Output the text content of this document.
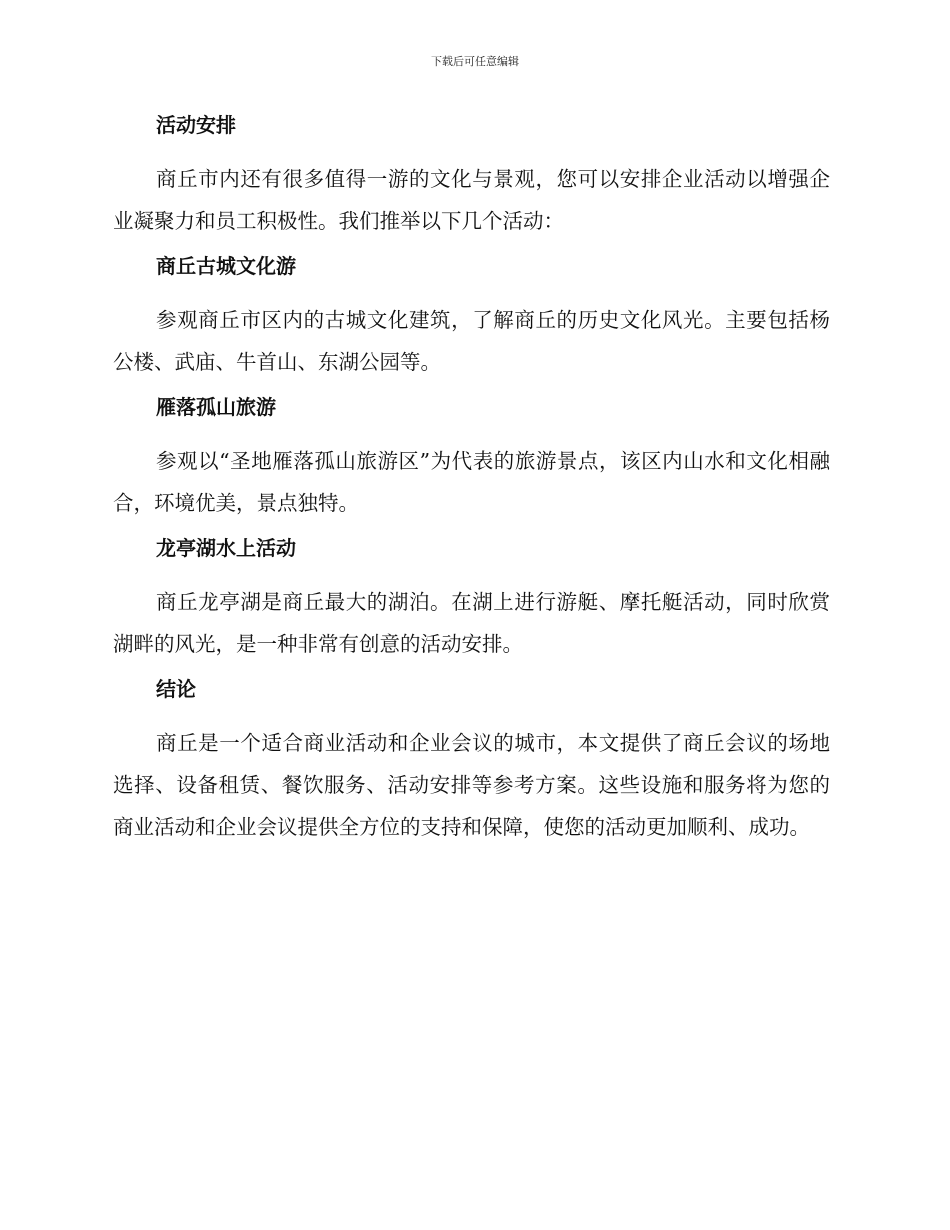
下载后可任意编辑
活动安排

商丘市内还有很多值得一游的文化与景观，您可以安排企业活动以增强企业凝聚力和员工积极性。我们推举以下几个活动：

商丘古城文化游

参观商丘市区内的古城文化建筑，了解商丘的历史文化风光。主要包括杨公楼、武庙、牛首山、东湖公园等。

雁落孤山旅游

参观以“圣地雁落孤山旅游区”为代表的旅游景点，该区内山水和文化相融合，环境优美，景点独特。

龙亭湖水上活动

商丘龙亭湖是商丘最大的湖泊。在湖上进行游艇、摩托艇活动，同时欣赏湖畔的风光，是一种非常有创意的活动安排。

结论

商丘是一个适合商业活动和企业会议的城市，本文提供了商丘会议的场地选择、设备租赁、餐饮服务、活动安排等参考方案。这些设施和服务将为您的商业活动和企业会议提供全方位的支持和保障，使您的活动更加顺利、成功。
